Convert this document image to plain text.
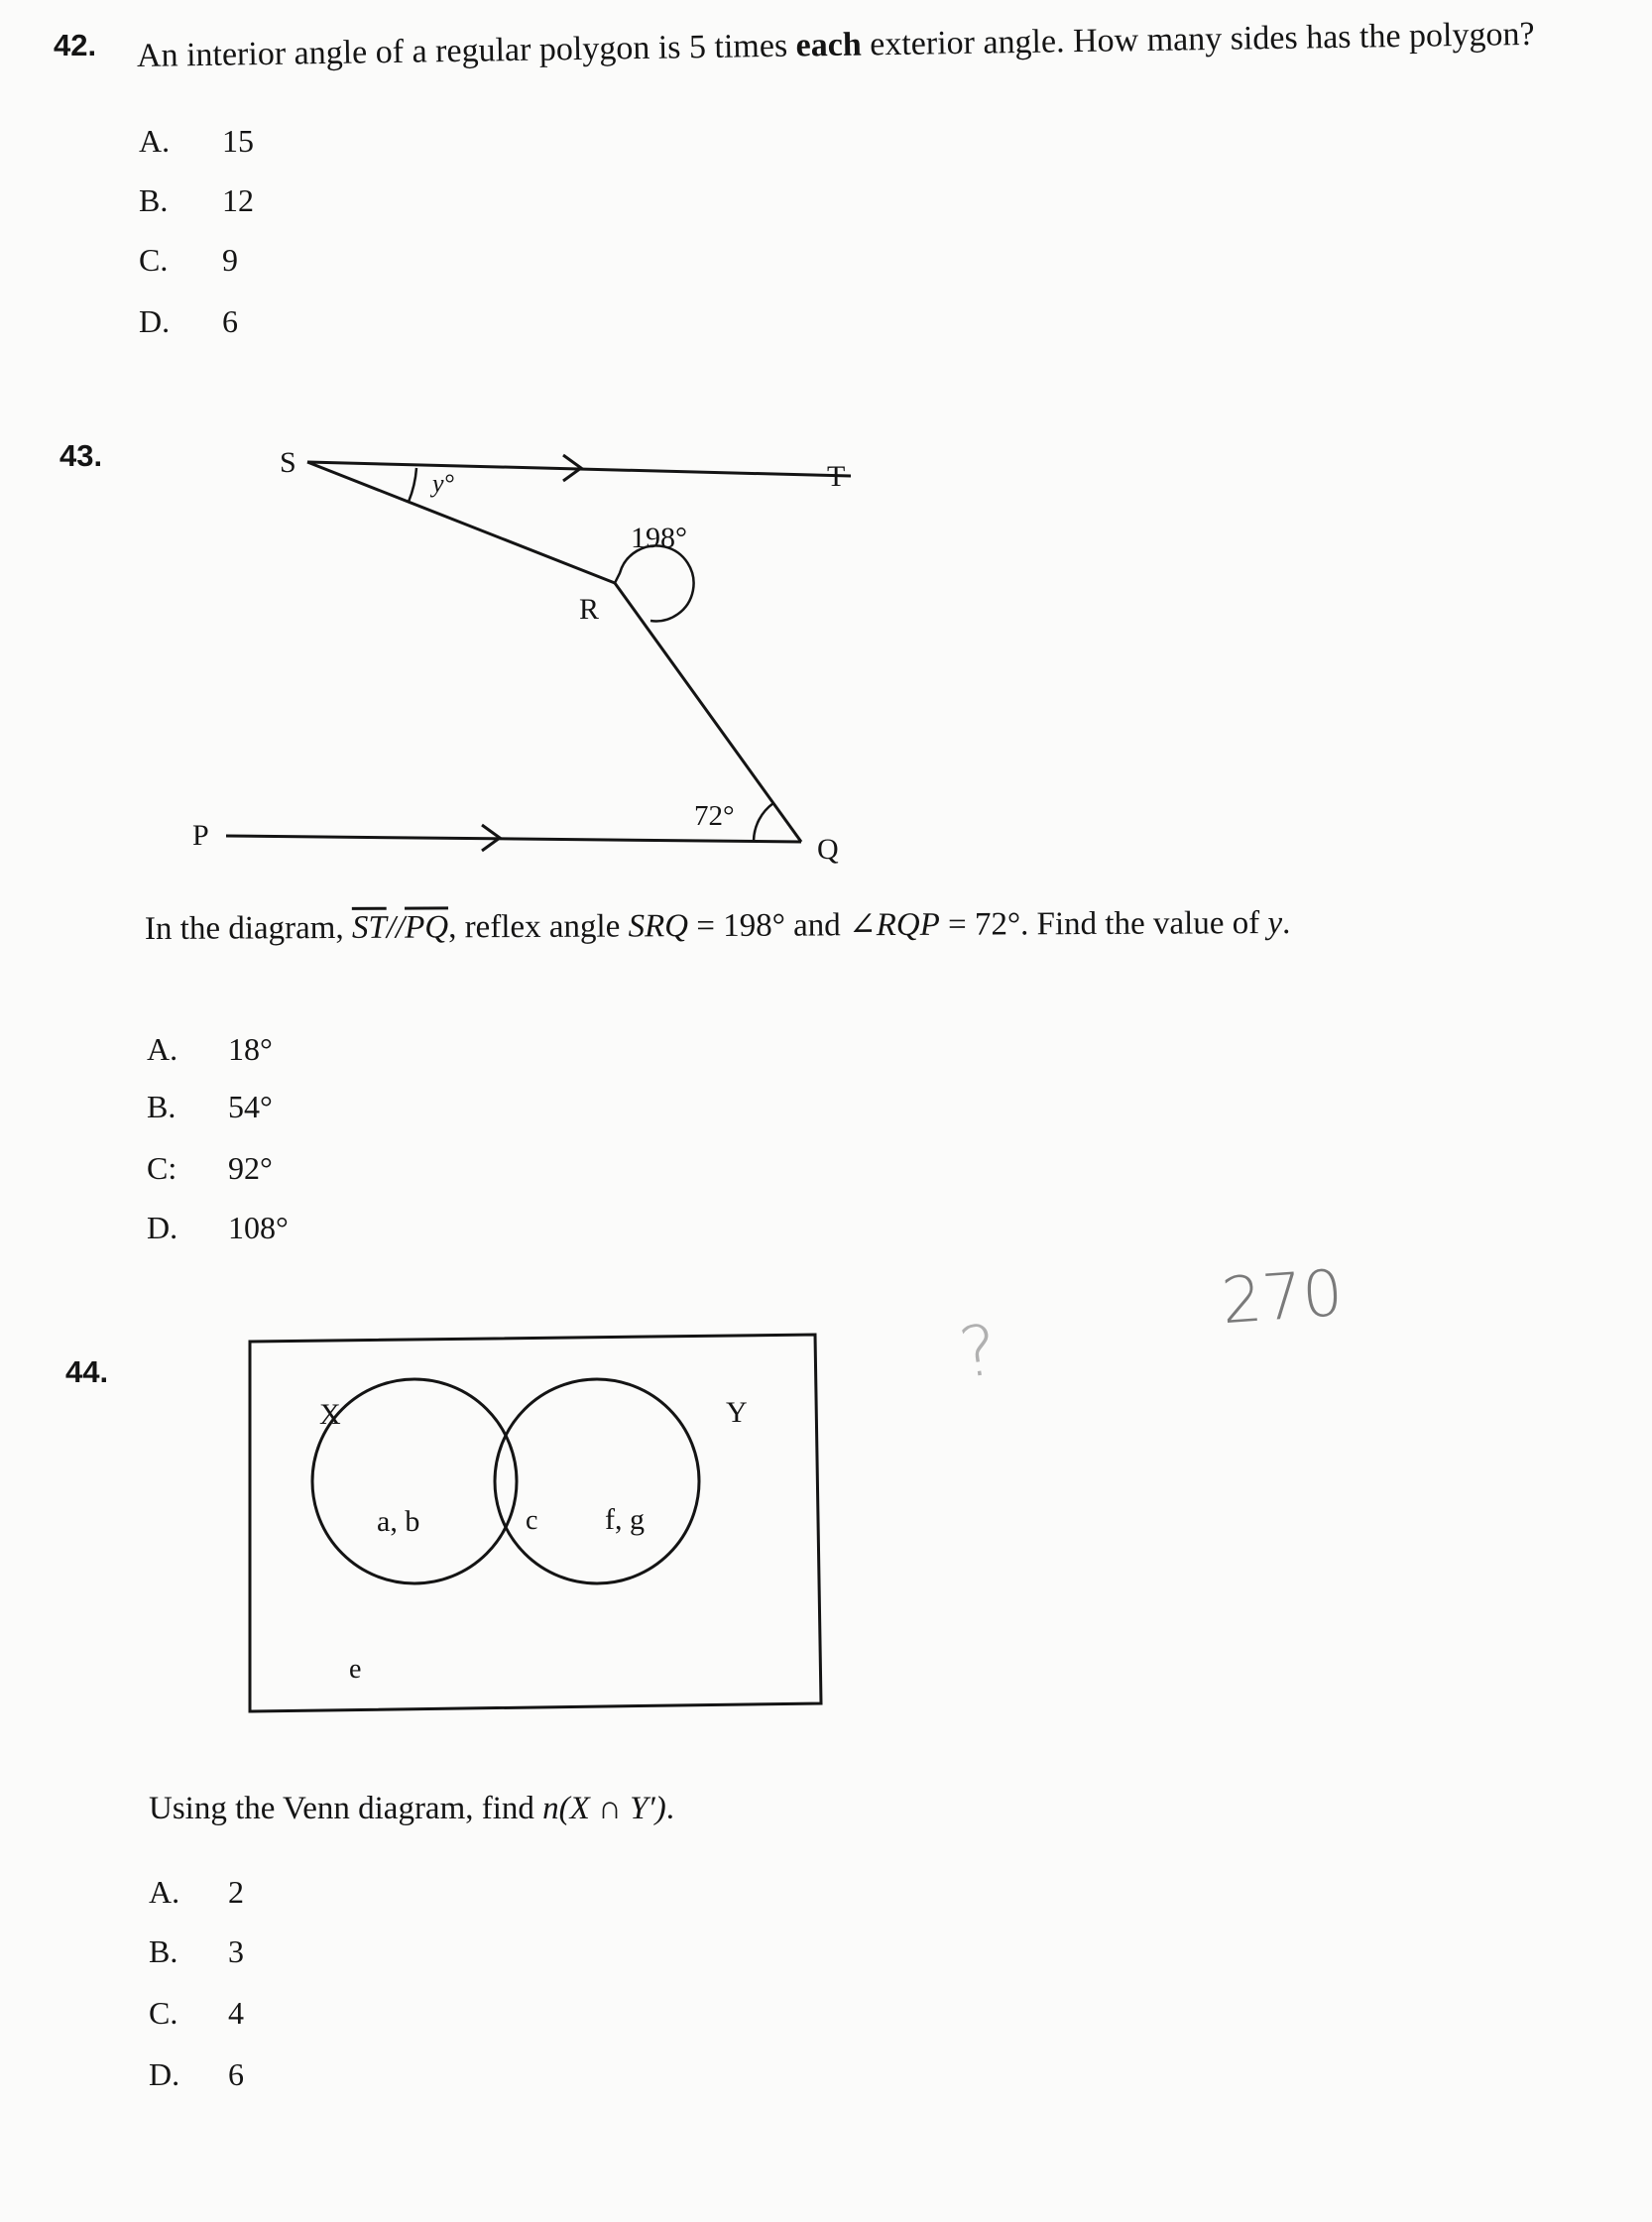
42. An interior angle of a regular polygon is 5 times each exterior angle. How many sides has the polygon?
A. 15
B. 12
C. 9
D. 6
43.	S	T
R
P	Q
y°
198°
72°
In the diagram, $\overline{ST}//\overline{PQ}$, reflex angle SRQ = 198° and ∠RQP = 72°. Find the value of y.
A. 18°
B. 54°
C: 92°
D. 108°
270
?
44.
X	Y
a, b	c f, g
e
Using the Venn diagram, find n(X ∩ Y′).
A. 2
B. 3
C. 4
D. 6
